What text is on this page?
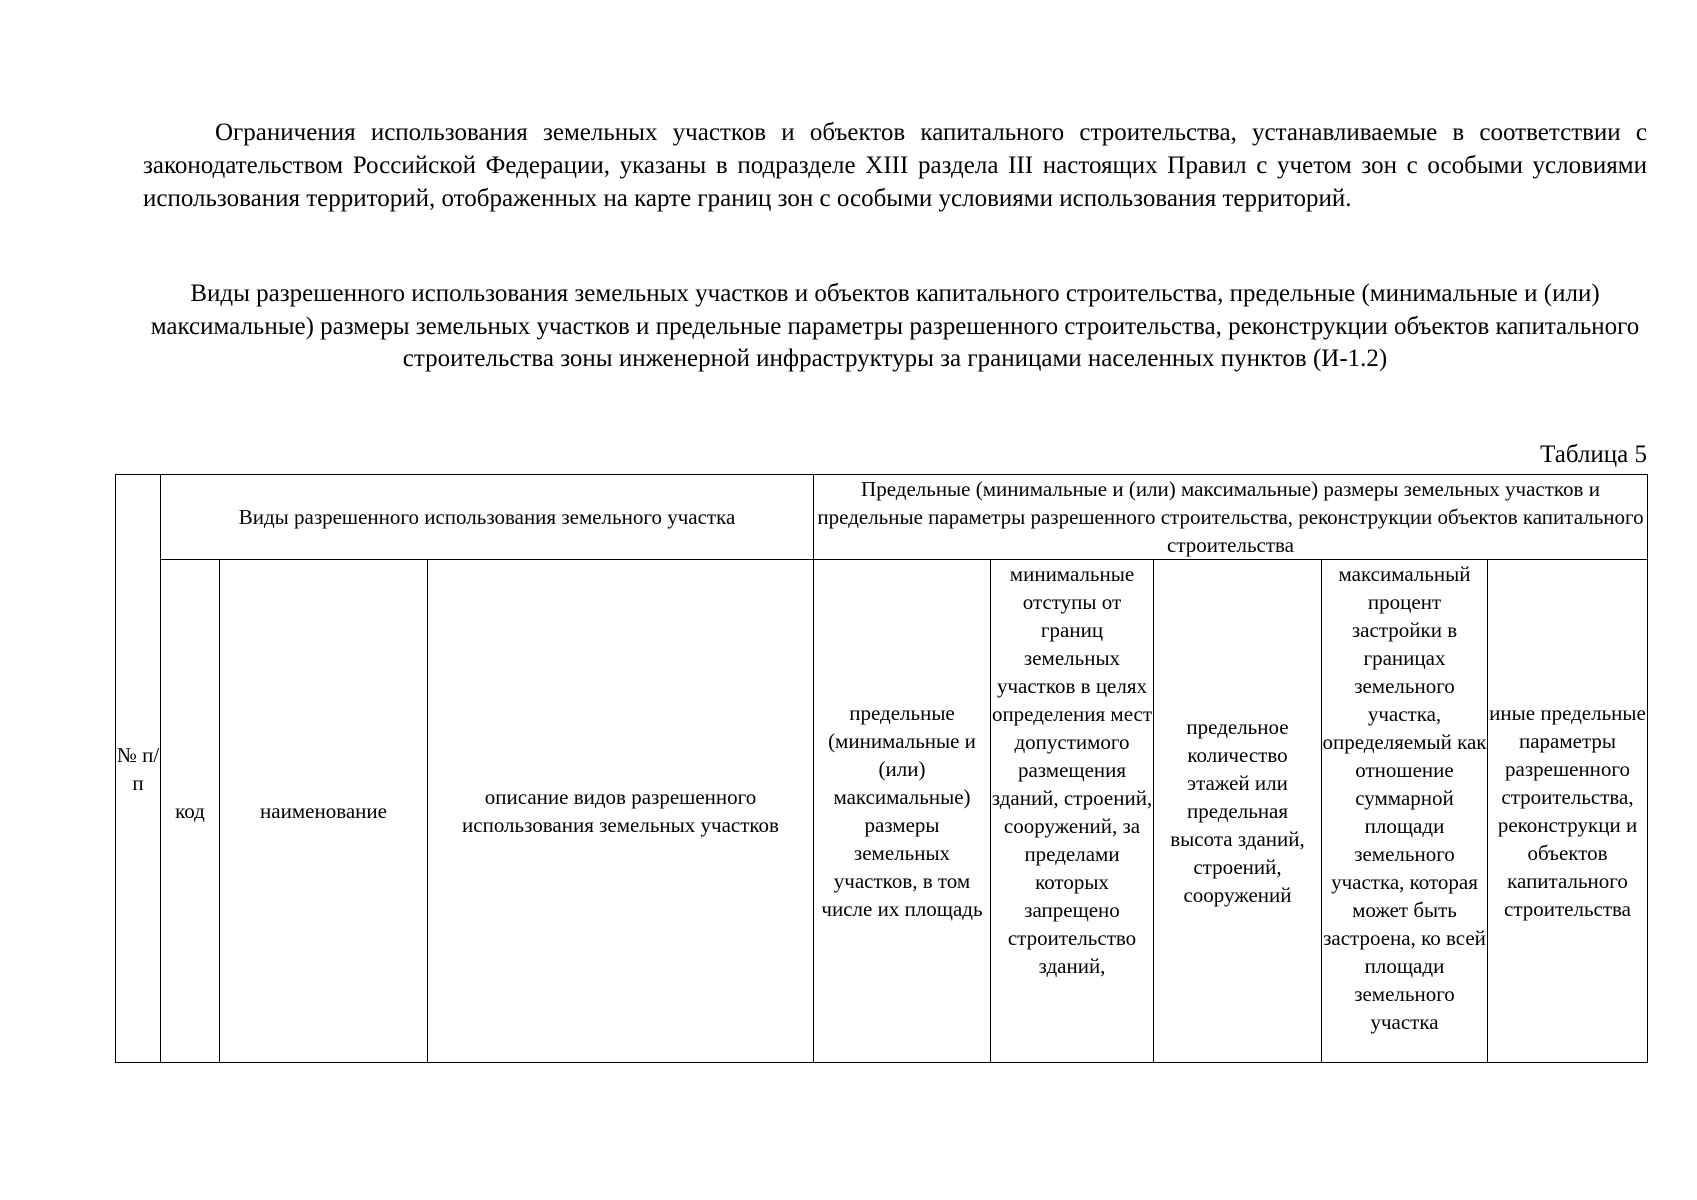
Ограничения использования земельных участков и объектов капитального строительства, устанавливаемые в соответствии с законодательством Российской Федерации, указаны в подразделе XIII раздела III настоящих Правил с учетом зон с особыми условиями использования территорий, отображенных на карте границ зон с особыми условиями использования территорий.

Виды разрешенного использования земельных участков и объектов капитального строительства, предельные (минимальные и (или) максимальные) размеры земельных участков и предельные параметры разрешенного строительства, реконструкции объектов капитального строительства зоны инженерной инфраструктуры за границами населенных пунктов (И-1.2)

Таблица 5

№ п/п	Виды разрешенного использования земельного участка			Предельные (минимальные и (или) максимальные) размеры земельных участков и предельные параметры разрешенного строительства, реконструкции объектов капитального строительства				
	код	наименование	описание видов разрешенного использования земельных участков	предельные (минимальные и (или) максимальные) размеры земельных участков, в том числе их площадь	минимальные отступы от границ земельных участков в целях определения мест допустимого размещения зданий, строений, сооружений, за пределами которых запрещено строительство зданий,	предельное количество этажей или предельная высота зданий, строений, сооружений	максимальный процент застройки в границах земельного участка, определяемый как отношение суммарной площади земельного участка, которая может быть застроена, ко всей площади земельного участка	иные предельные параметры разрешенного строительства, реконструкци и объектов капитального строительства
